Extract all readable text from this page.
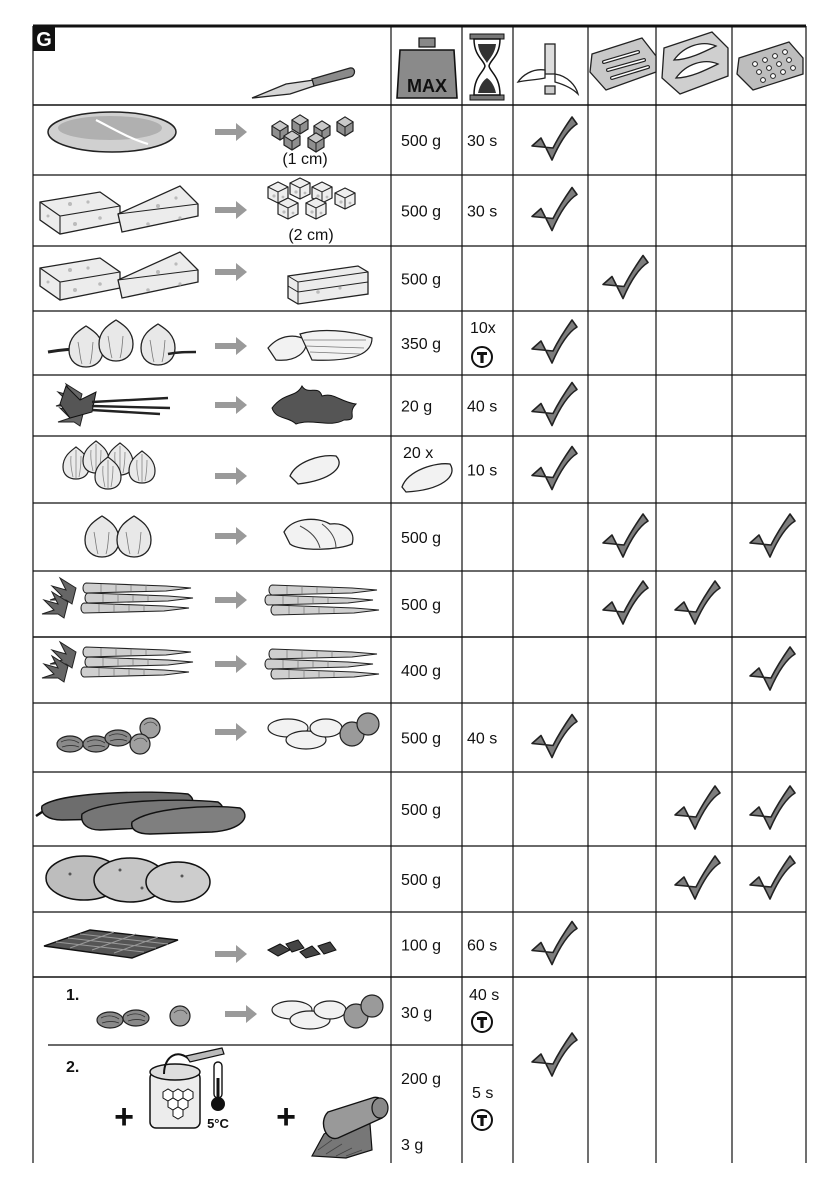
G
MAX
(1 cm)
(2 cm)
1.
2.
+	5°C +
500 g 30 s
500 g 30 s
500 g
350 g
10x
20 g 40 s
20 x
10 s
500 g
500 g
400 g
500 g 40 s
500 g
500 g
100 g 60 s
30 g
40 s
200 g
3 g
5 s
